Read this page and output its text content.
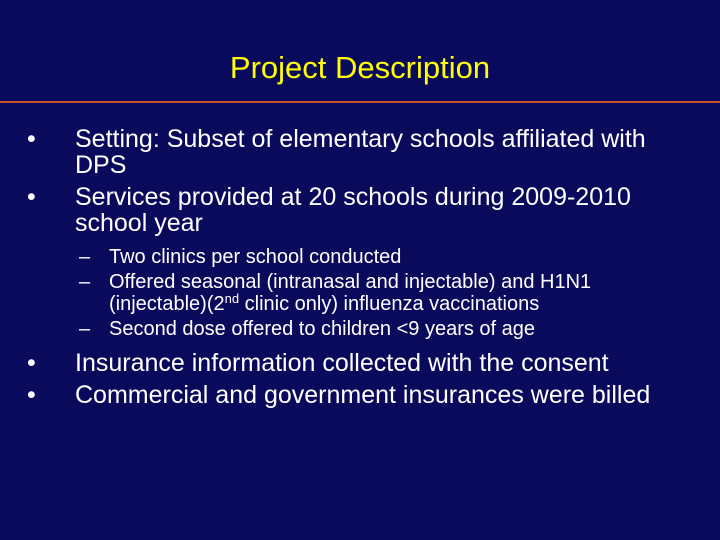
Project Description
• Setting: Subset of elementary schools affiliated with DPS
• Services provided at 20 schools during 2009-2010 school year
– Two clinics per school conducted
– Offered seasonal (intranasal and injectable) and H1N1 (injectable)(2nd clinic only) influenza vaccinations
– Second dose offered to children <9 years of age
• Insurance information collected with the consent
• Commercial and government insurances were billed
